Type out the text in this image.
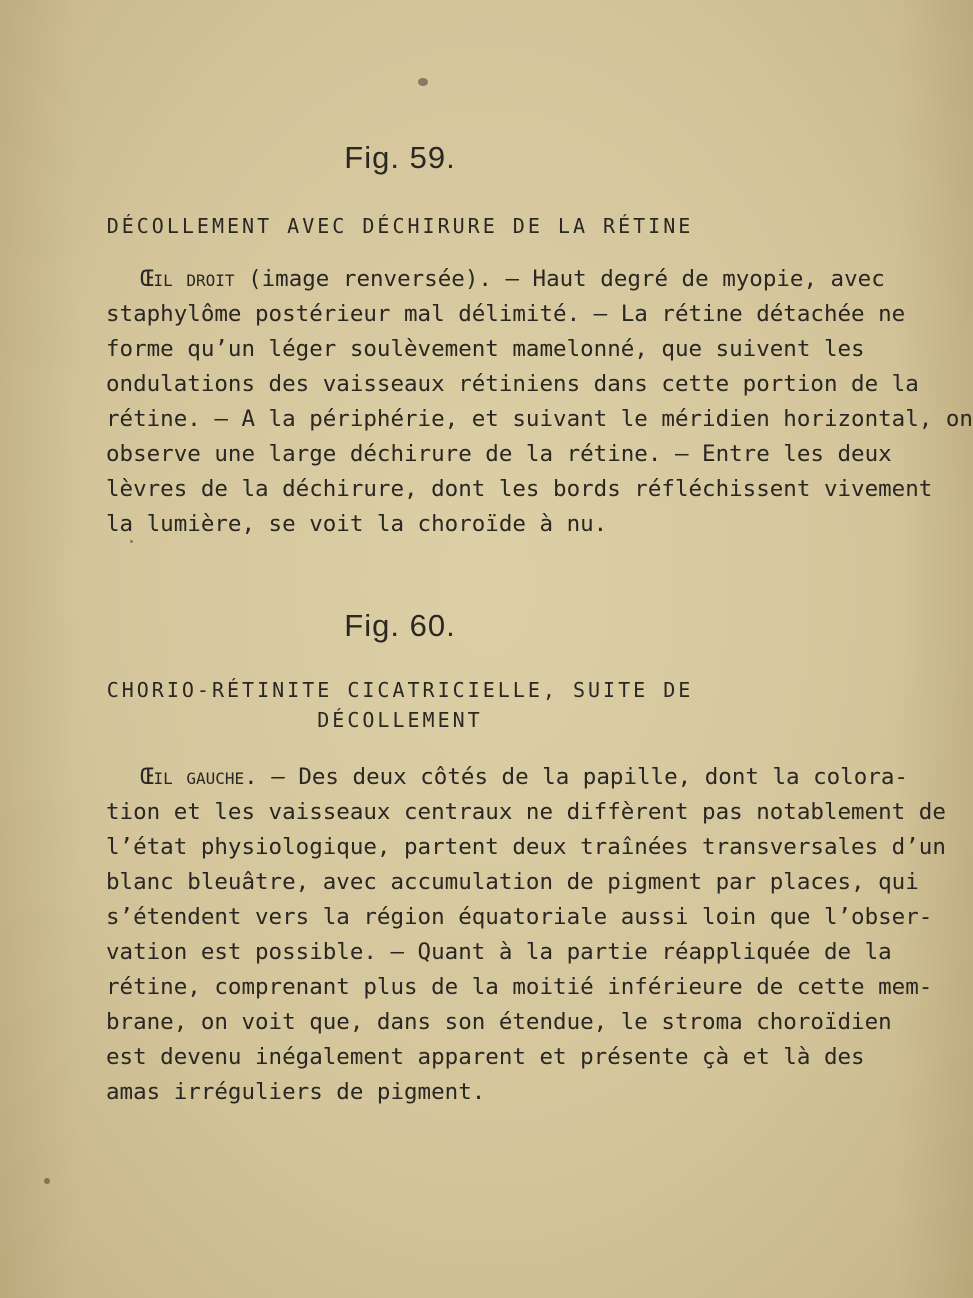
Fig. 59.
DÉCOLLEMENT AVEC DÉCHIRURE DE LA RÉTINE
Œil droit (image renversée). — Haut degré de myopie, avec
staphylôme postérieur mal délimité. — La rétine détachée ne
forme qu’un léger soulèvement mamelonné, que suivent les
ondulations des vaisseaux rétiniens dans cette portion de la
rétine. — A la périphérie, et suivant le méridien horizontal, on
observe une large déchirure de la rétine. — Entre les deux
lèvres de la déchirure, dont les bords réfléchissent vivement
la lumière, se voit la choroïde à nu.
Fig. 60.
CHORIO-RÉTINITE CICATRICIELLE, SUITE DE
DÉCOLLEMENT
Œil gauche. — Des deux côtés de la papille, dont la colora-
tion et les vaisseaux centraux ne diffèrent pas notablement de
l’état physiologique, partent deux traînées transversales d’un
blanc bleuâtre, avec accumulation de pigment par places, qui
s’étendent vers la région équatoriale aussi loin que l’obser-
vation est possible. — Quant à la partie réappliquée de la
rétine, comprenant plus de la moitié inférieure de cette mem-
brane, on voit que, dans son étendue, le stroma choroïdien
est devenu inégalement apparent et présente çà et là des
amas irréguliers de pigment.
